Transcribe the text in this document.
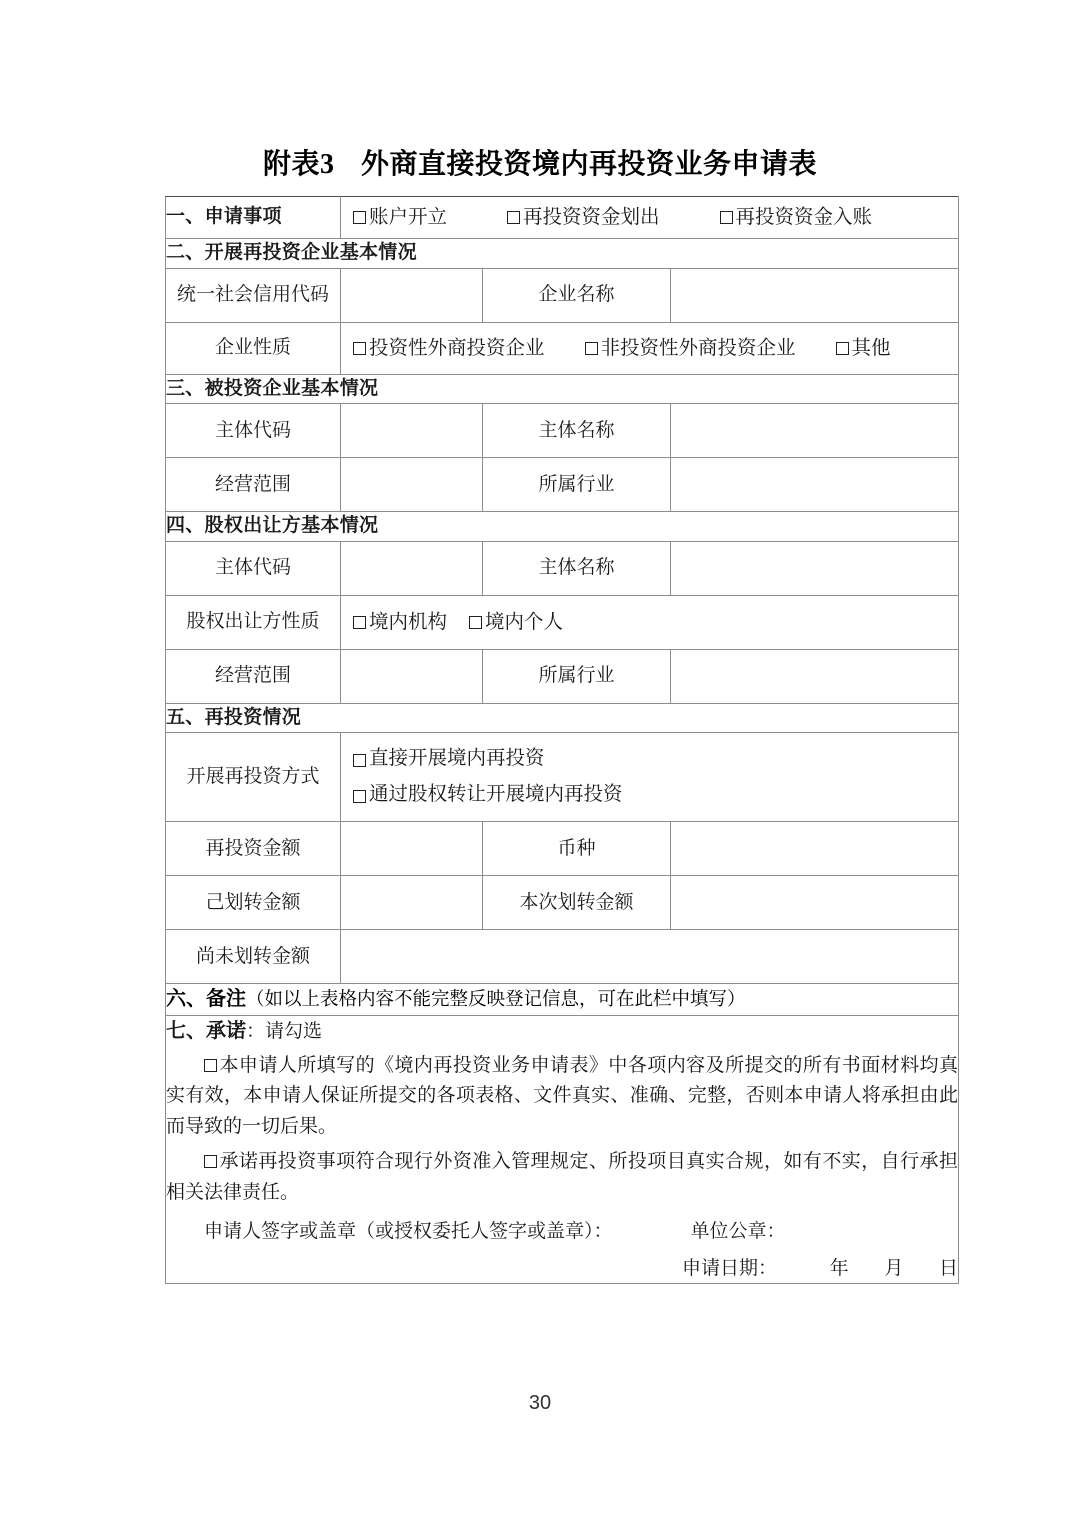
附表3 外商直接投资境内再投资业务申请表
一、申请事项	账户开立 再投资资金划出 再投资资金入账		

二、开展再投资企业基本情况			
统一社会信用代码		企业名称	
企业性质	投资性外商投资企业 非投资性外商投资企业 其他		

三、被投资企业基本情况			
主体代码		主体名称	
经营范围		所属行业	
四、股权出让方基本情况			
主体代码		主体名称	
股权出让方性质	境内机构 境内个人		

经营范围		所属行业	
五、再投资情况			
开展再投资方式	直接开展境内再投资
通过股权转让开展境内再投资		

再投资金额		币种	
己划转金额		本次划转金额	
尚未划转金额			

六、备注（如以上表格内容不能完整反映登记信息，可在此栏中填写）			

七、承诺：请勾选

本申请人所填写的《境内再投资业务申请表》中各项内容及所提交的所有书面材料均真实有效，本申请人保证所提交的各项表格、文件真实、准确、完整，否则本申请人将承担由此而导致的一切后果。

承诺再投资事项符合现行外资准入管理规定、所投项目真实合规，如有不实，自行承担相关法律责任。

申请人签字或盖章（或授权委托人签字或盖章）：	单位公章：
申请日期：	年 月 日
30
